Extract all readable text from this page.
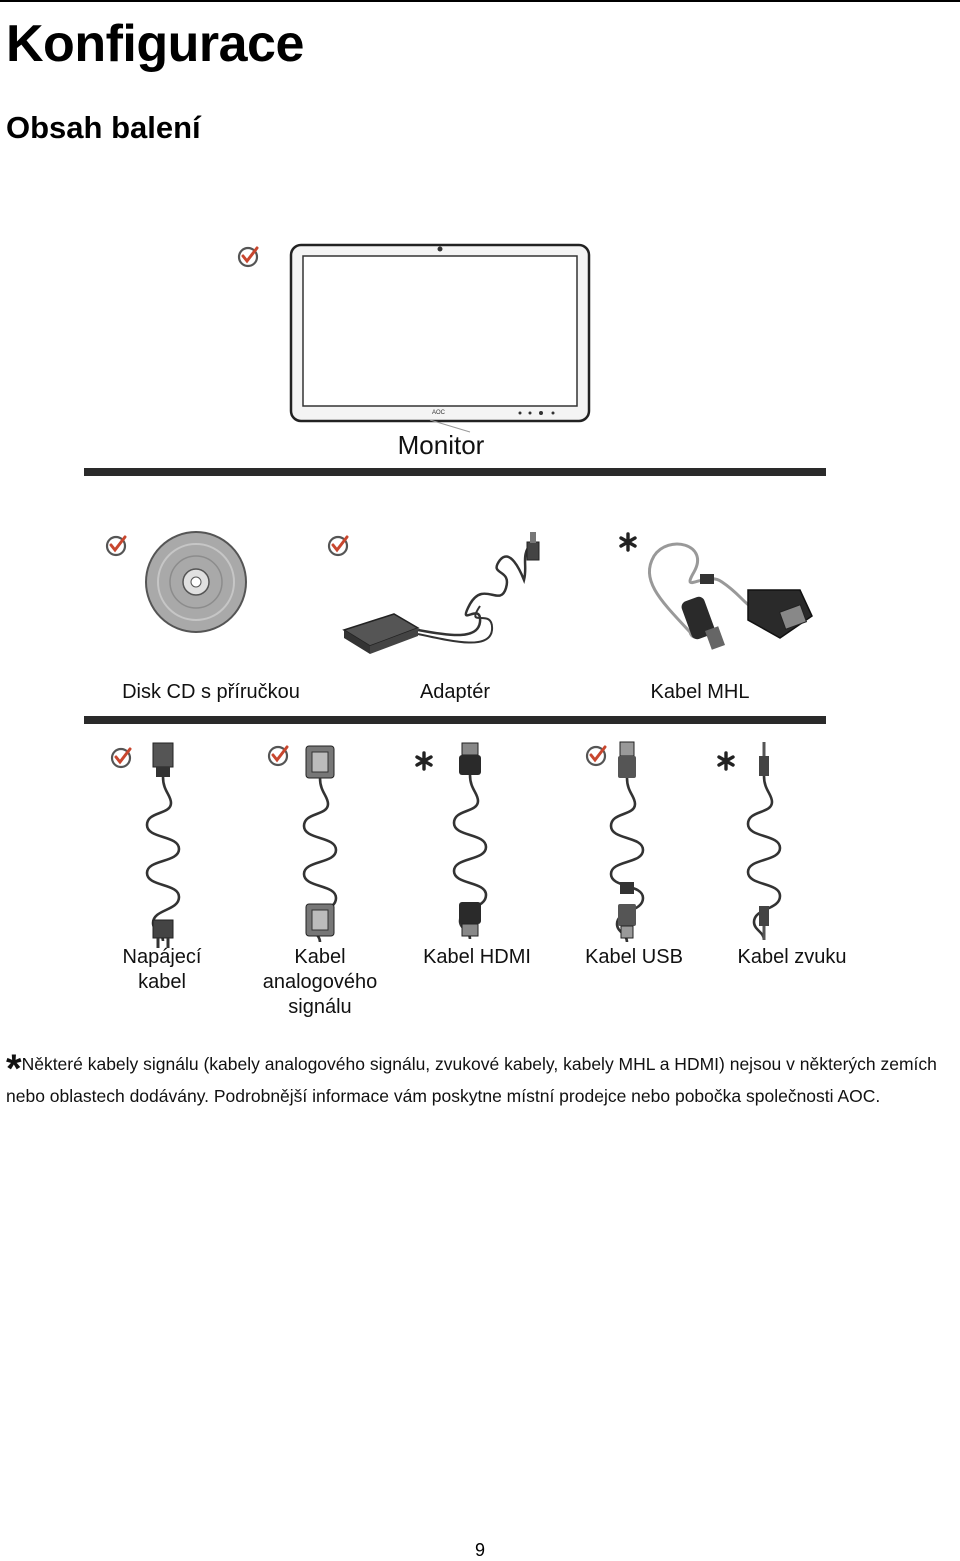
Konfigurace
Obsah balení
AOC
Monitor
Disk CD s příručkou	Adaptér	Kabel MHL
Napájecí kabel
Kabel analogového signálu
Kabel HDMI	Kabel USB	Kabel zvuku
*Některé kabely signálu (kabely analogového signálu, zvukové kabely, kabely MHL a HDMI) nejsou v některých zemích nebo oblastech dodávány. Podrobnější informace vám poskytne místní prodejce nebo pobočka společnosti AOC.
9
